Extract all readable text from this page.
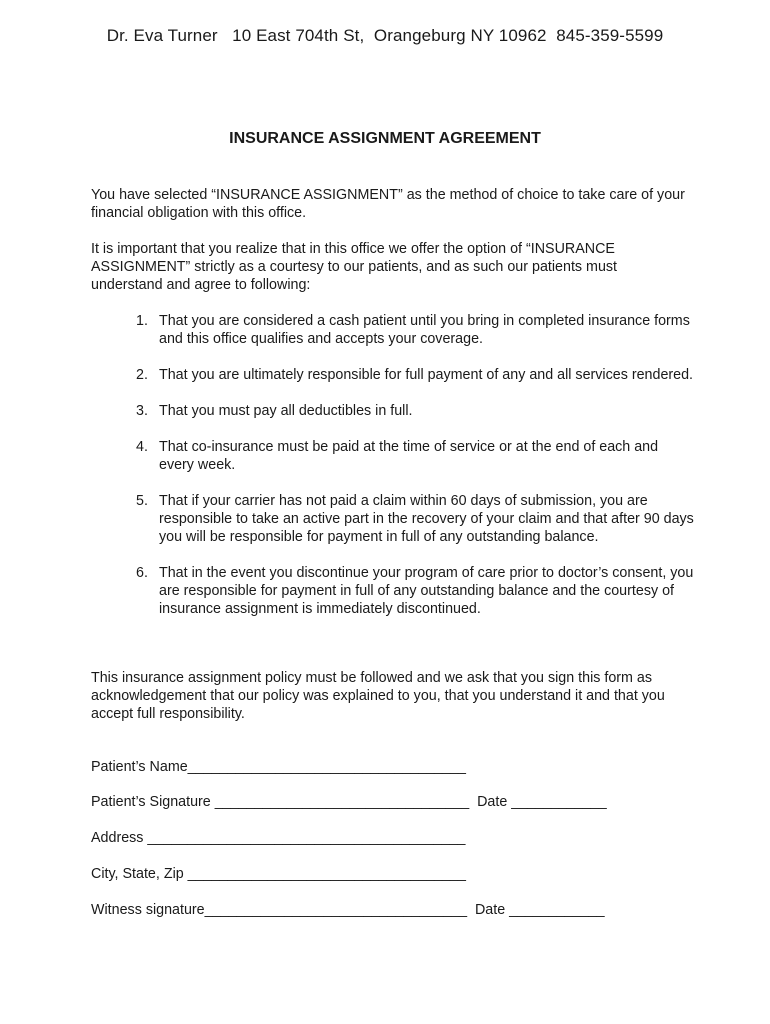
Dr. Eva Turner   10 East 704th St,  Orangeburg NY 10962  845-359-5599
INSURANCE ASSIGNMENT AGREEMENT
You have selected “INSURANCE ASSIGNMENT” as the method of choice to take care of your financial obligation with this office.
It is important that you realize that in this office we offer the option of “INSURANCE ASSIGNMENT” strictly as a courtesy to our patients, and as such our patients must understand and agree to following:
1. That you are considered a cash patient until you bring in completed insurance forms and this office qualifies and accepts your coverage.
2. That you are ultimately responsible for full payment of any and all services rendered.
3. That you must pay all deductibles in full.
4. That co-insurance must be paid at the time of service or at the end of each and every week.
5. That if your carrier has not paid a claim within 60 days of submission, you are responsible to take an active part in the recovery of your claim and that after 90 days you will be responsible for payment in full of any outstanding balance.
6. That in the event you discontinue your program of care prior to doctor’s consent, you are responsible for payment in full of any outstanding balance and the courtesy of insurance assignment is immediately discontinued.
This insurance assignment policy must be followed and we ask that you sign this form as acknowledgement that our policy was explained to you, that you understand it and that you accept full responsibility.
Patient’s Name___________________________________
Patient’s Signature ________________________________  Date ____________
Address ________________________________________
City, State, Zip ___________________________________
Witness signature_________________________________  Date ____________
